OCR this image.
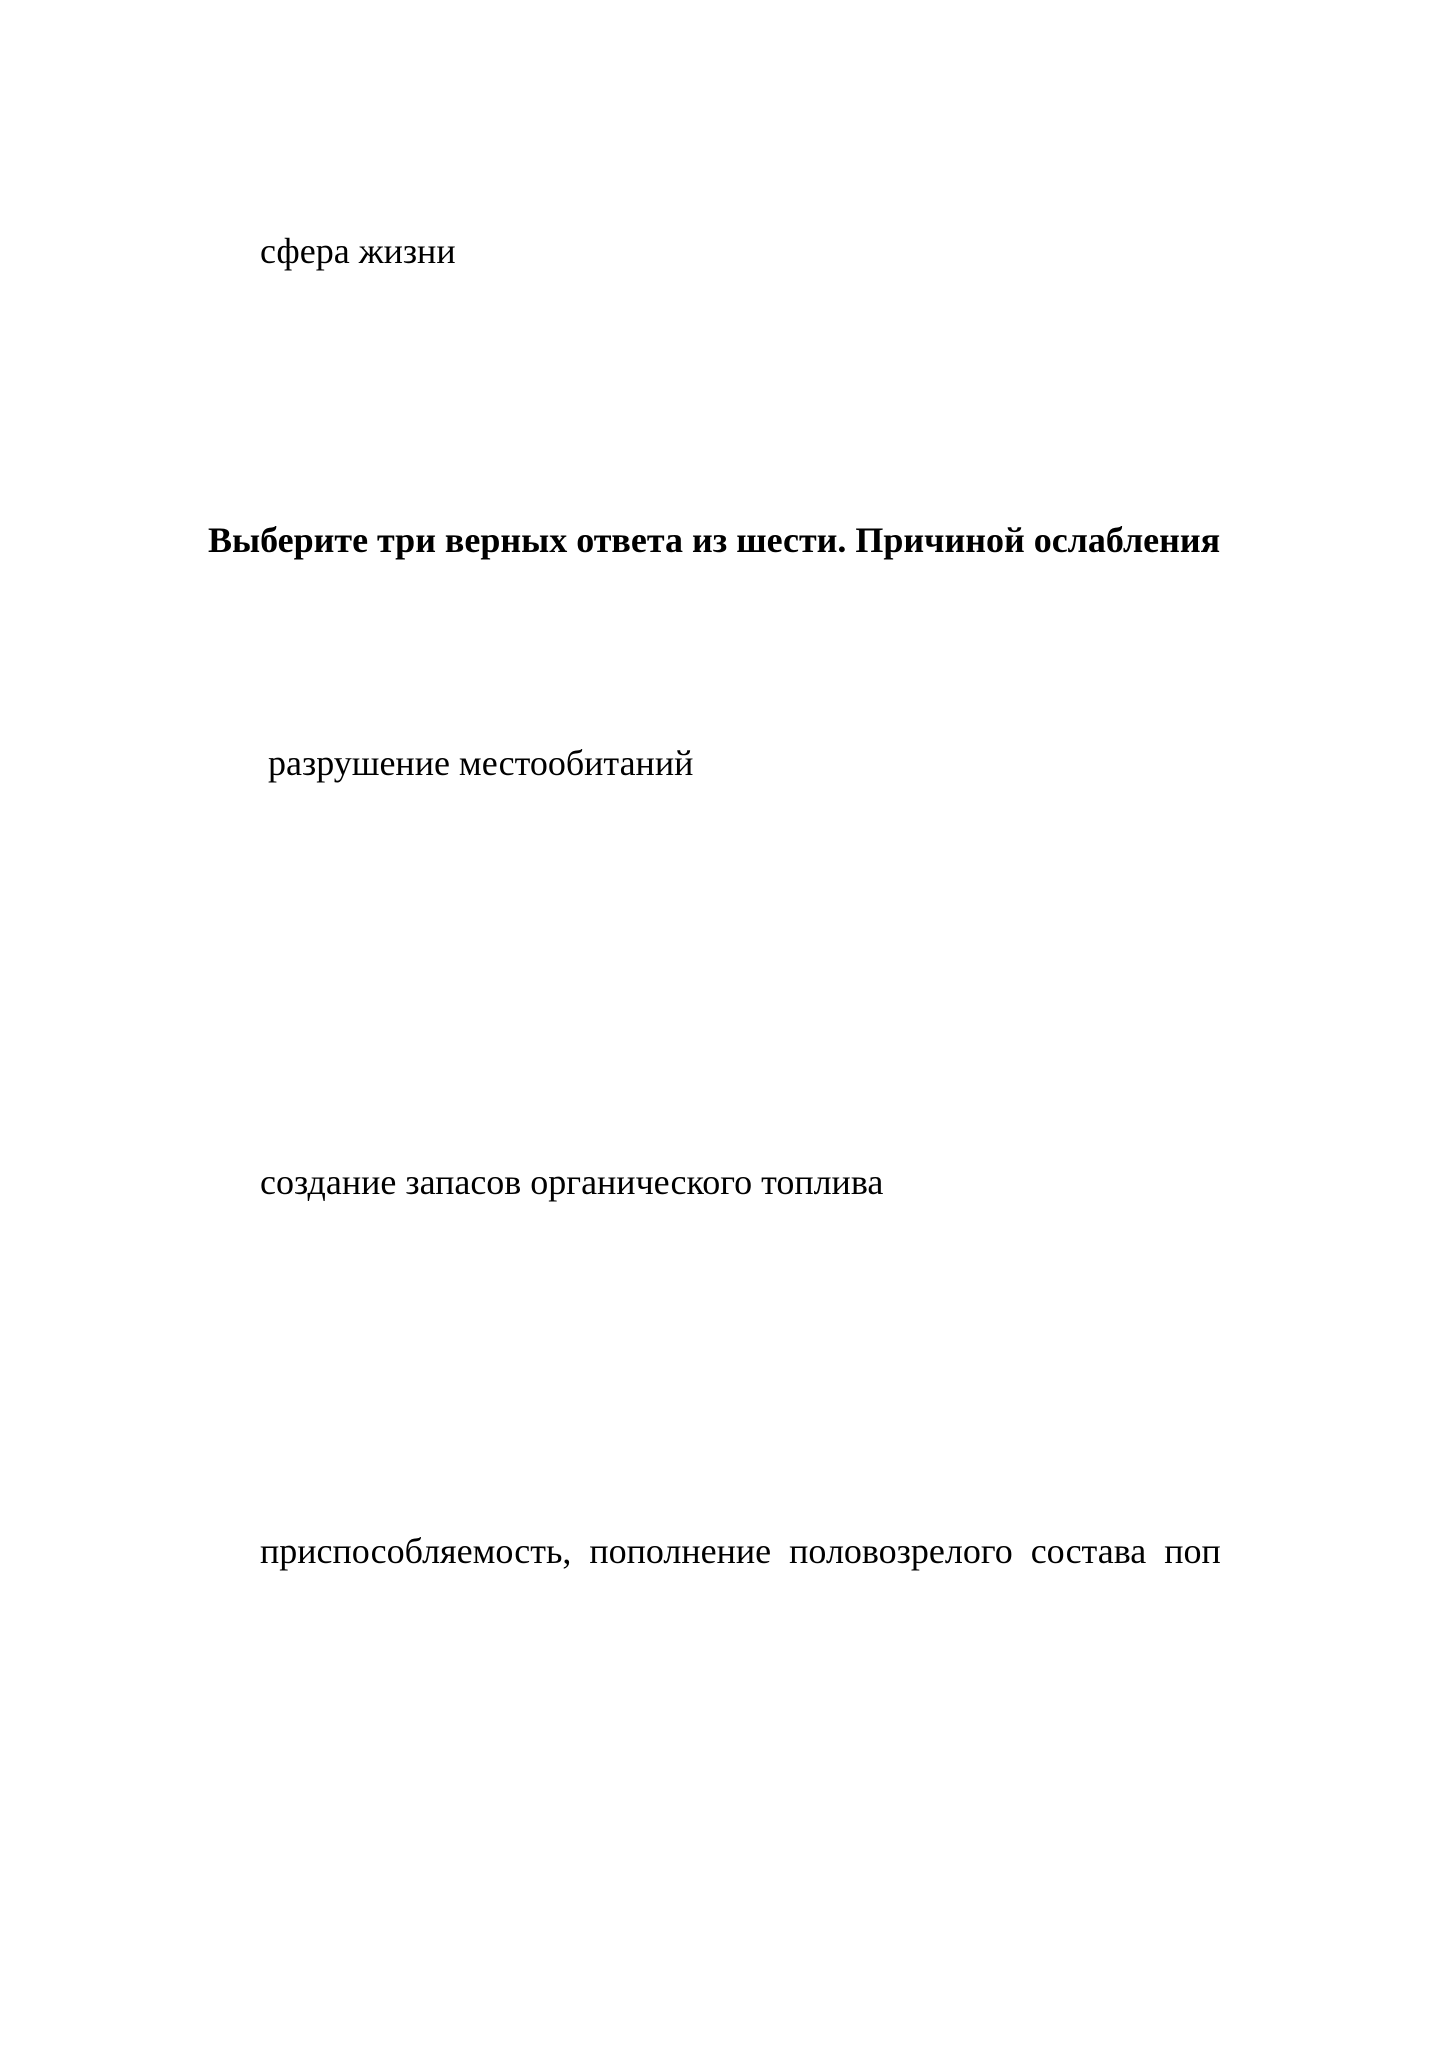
сфера жизни
Выберите три верных ответа из шести. Причиной ослабления
разрушение местообитаний
создание запасов органического топлива
приспособляемость, пополнение половозрелого состава поп
